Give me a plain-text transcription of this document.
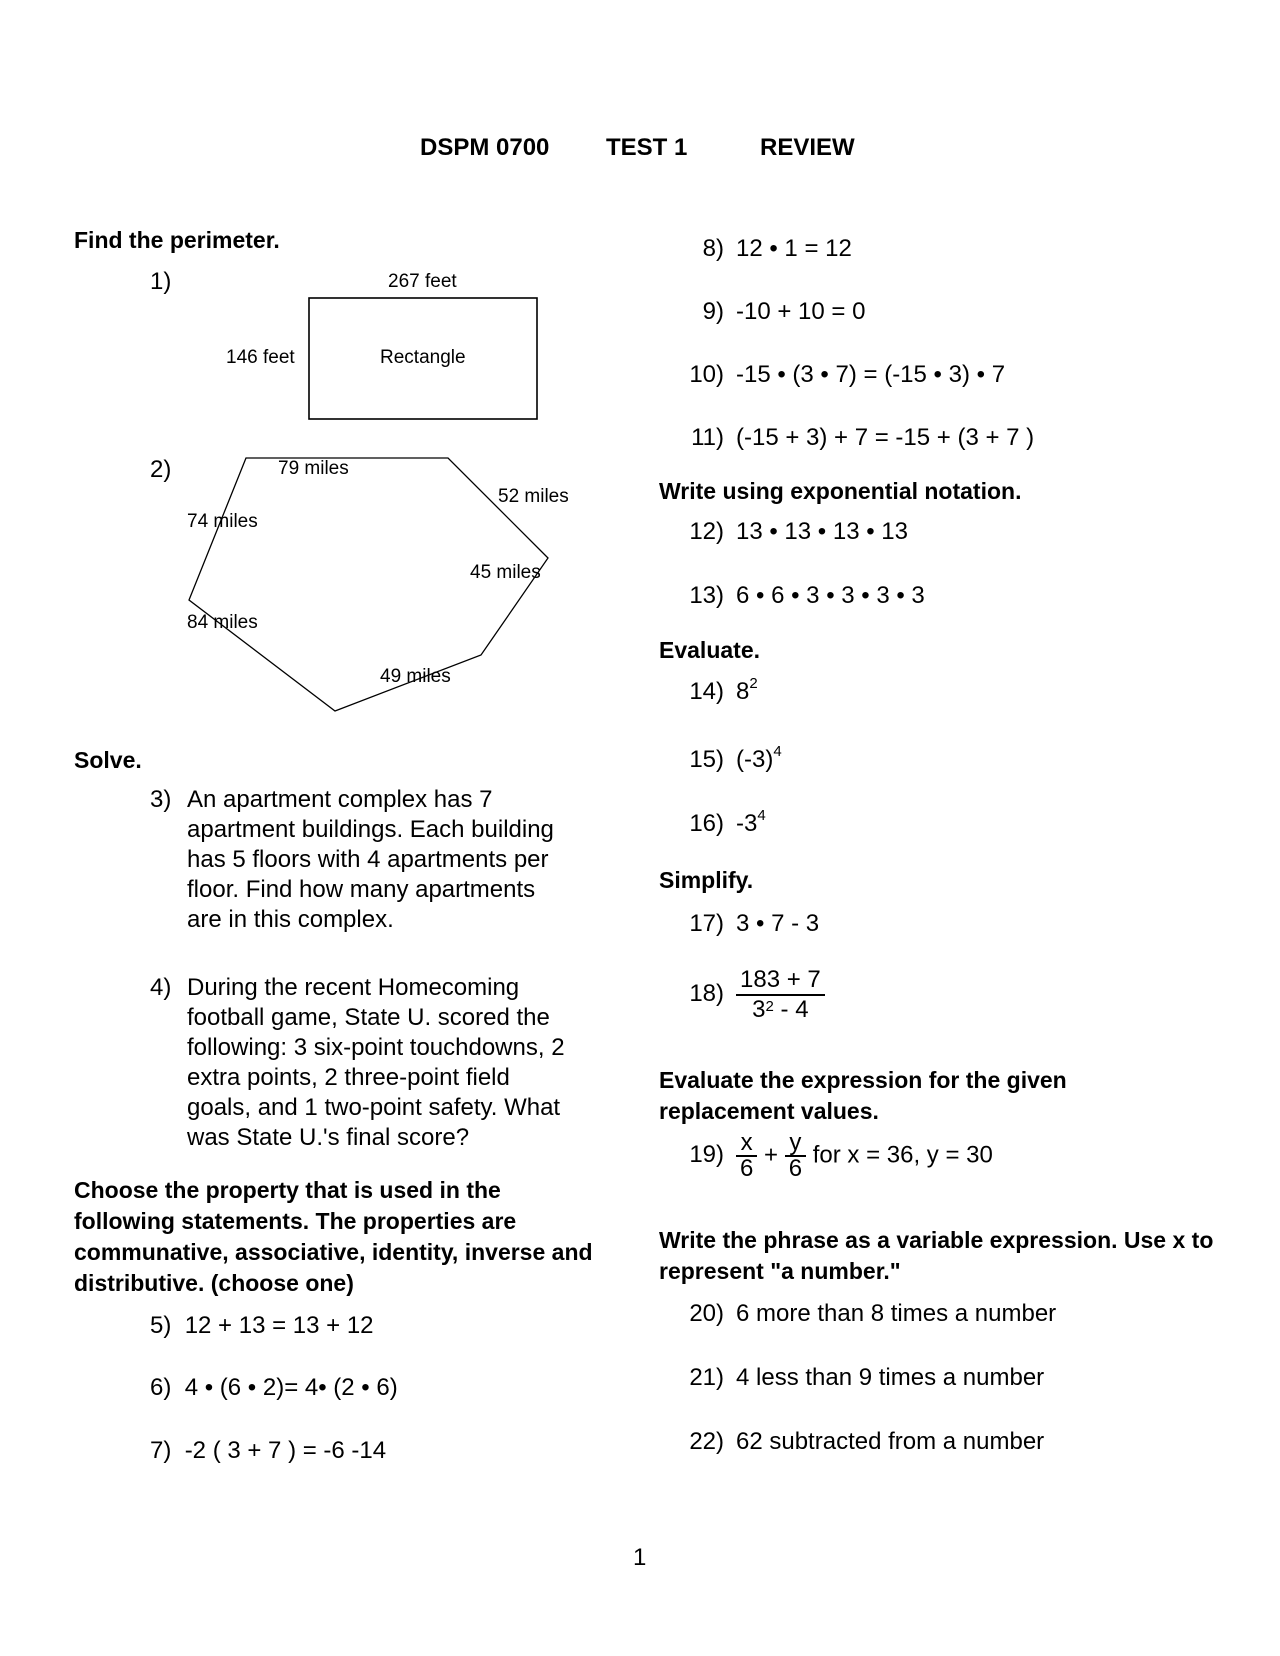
DSPM 0700 TEST 1	REVIEW
Find the perimeter.
1)	267 feet
146 feet	Rectangle
2)	79 miles
52 miles
74 miles
45 miles
84 miles
49 miles
Solve.
3) An apartment complex has 7
apartment buildings. Each building
has 5 floors with 4 apartments per
floor. Find how many apartments
are in this complex.
4) During the recent Homecoming
football game, State U. scored the
following: 3 six-point touchdowns, 2
extra points, 2 three-point field
goals, and 1 two-point safety. What
was State U.'s final score?
Choose the property that is used in the following statements. The properties are communative, associative, identity, inverse and distributive. (choose one)
5) 12 + 13 = 13 + 12
6) 4 • (6 • 2)= 4• (2 • 6)
7) -2 ( 3 + 7 ) = -6 -14
8) 12 • 1 = 12
9) -10 + 10 = 0
10) -15 • (3 • 7) = (-15 • 3) • 7
11) (-15 + 3) + 7 = -15 + (3 + 7 )
Write using exponential notation.
12) 13 • 13 • 13 • 13
13) 6 • 6 • 3 • 3 • 3 • 3
Evaluate.
14) $8^2$
15) $(-3)^4$
16) $-3^4$
Simplify.
17) 3 • 7 - 3
$18) \frac{183 + 7}{3^2 - 4}$
Evaluate the expression for the given replacement values.
$19) \frac{x}{6} + \frac{y}{6}$ for x = 36, y = 30
Write the phrase as a variable expression. Use x to represent "a number."
20) 6 more than 8 times a number
21) 4 less than 9 times a number
22) 62 subtracted from a number
1
